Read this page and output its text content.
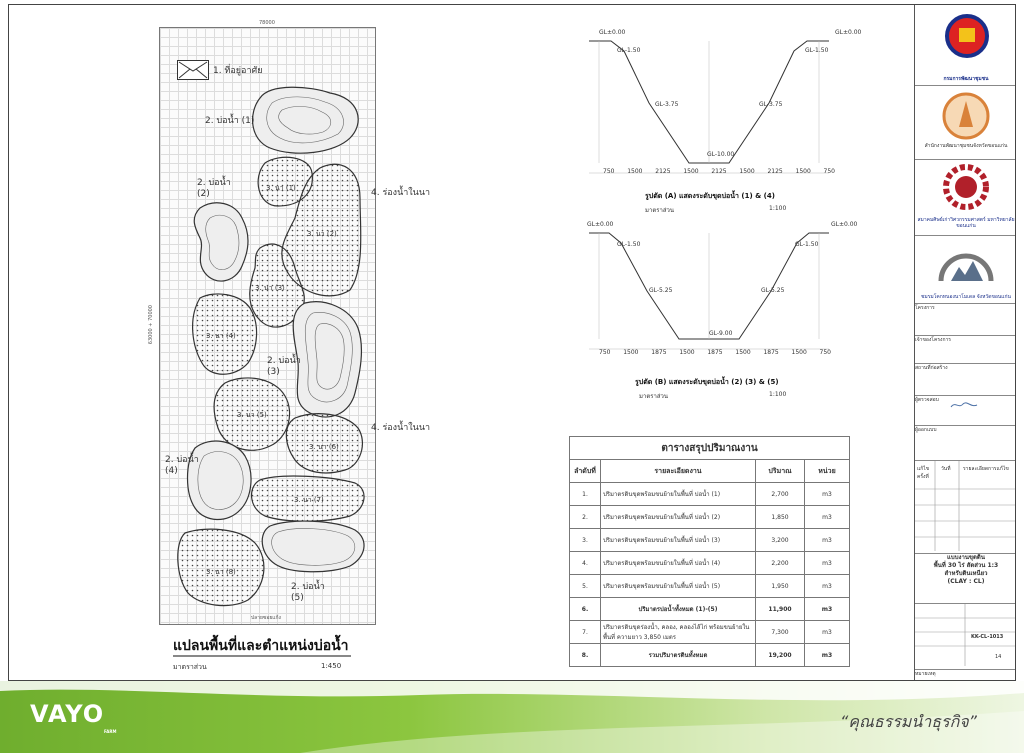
78000
63000 + 70000
1. ที่อยู่อาศัย
2. บ่อน้ำ (1)
2. บ่อน้ำ (2)
2. บ่อน้ำ (3)
2. บ่อน้ำ (4)
2. บ่อน้ำ (5)
3. นา (1)
3. นา (2)
3. นา (3)
3. นา (4)
3. นา (5)
3. นา (6)
3. นา (7)
3. นา (8)
4. ร่องน้ำในนา
4. ร่องน้ำในนา
ปลายซอยแก้ง
แปลนพื้นที่และตำแหน่งบ่อน้ำ
มาตราส่วน	1:450
GL±0.00	GL±0.00
GL-1.50	GL-1.50
GL-3.75	GL-3.75
GL-10.00
750 1500 2125 1500 2125 1500 2125 1500 750
รูปตัด (A) แสดงระดับขุดบ่อน้ำ (1) & (4)
มาตราส่วน	1:100
GL±0.00	GL±0.00
GL-1.50	GL-1.50
GL-5.25	GL-5.25
GL-9.00
750 1500 1875 1500 1875 1500 1875 1500 750
รูปตัด (B) แสดงระดับขุดบ่อน้ำ (2) (3) & (5)
มาตราส่วน	1:100
ตารางสรุปปริมาณงาน			
ลำดับที่	รายละเอียดงาน	ปริมาณ	หน่วย
1.	ปริมาตรดินขุดพร้อมขนย้ายในพื้นที่ บ่อน้ำ (1)	2,700	m3
2.	ปริมาตรดินขุดพร้อมขนย้ายในพื้นที่ บ่อน้ำ (2)	1,850	m3
3.	ปริมาตรดินขุดพร้อมขนย้ายในพื้นที่ บ่อน้ำ (3)	3,200	m3
4.	ปริมาตรดินขุดพร้อมขนย้ายในพื้นที่ บ่อน้ำ (4)	2,200	m3
5.	ปริมาตรดินขุดพร้อมขนย้ายในพื้นที่ บ่อน้ำ (5)	1,950	m3
6.	ปริมาตรบ่อน้ำทั้งหมด (1)-(5)	11,900	m3
7.	ปริมาตรดินขุดร่องน้ำ, คลอง, คลองไส้ไก่ พร้อมขนย้ายในพื้นที่ ความยาว 3,850 เมตร	7,300	m3
8.	รวมปริมาตรดินทั้งหมด	19,200	m3
กรมการพัฒนาชุมชน
สำนักงานพัฒนาชุมชนจังหวัดขอนแก่น
สมาคมศิษย์เก่าวิศวกรรมศาสตร์ มหาวิทยาลัยขอนแก่น
ชมรมโคกหนองนาโมเดล จังหวัดขอนแก่น
โครงการ
เจ้าของโครงการ
สถานที่ก่อสร้าง
ผู้ตรวจสอบ
ผู้ออกแบบ
แก้ไขครั้งที่
วันที่ รายละเอียดการแก้ไข
แบบงานขุดดิน
พื้นที่ 30 ไร่ สัดส่วน 1:3
สำหรับดินเหนียว
(CLAY : CL)
KK-CL-1013
14
หมายเหตุ
VAYO
FARM
“คุณธรรมนำธุรกิจ”
